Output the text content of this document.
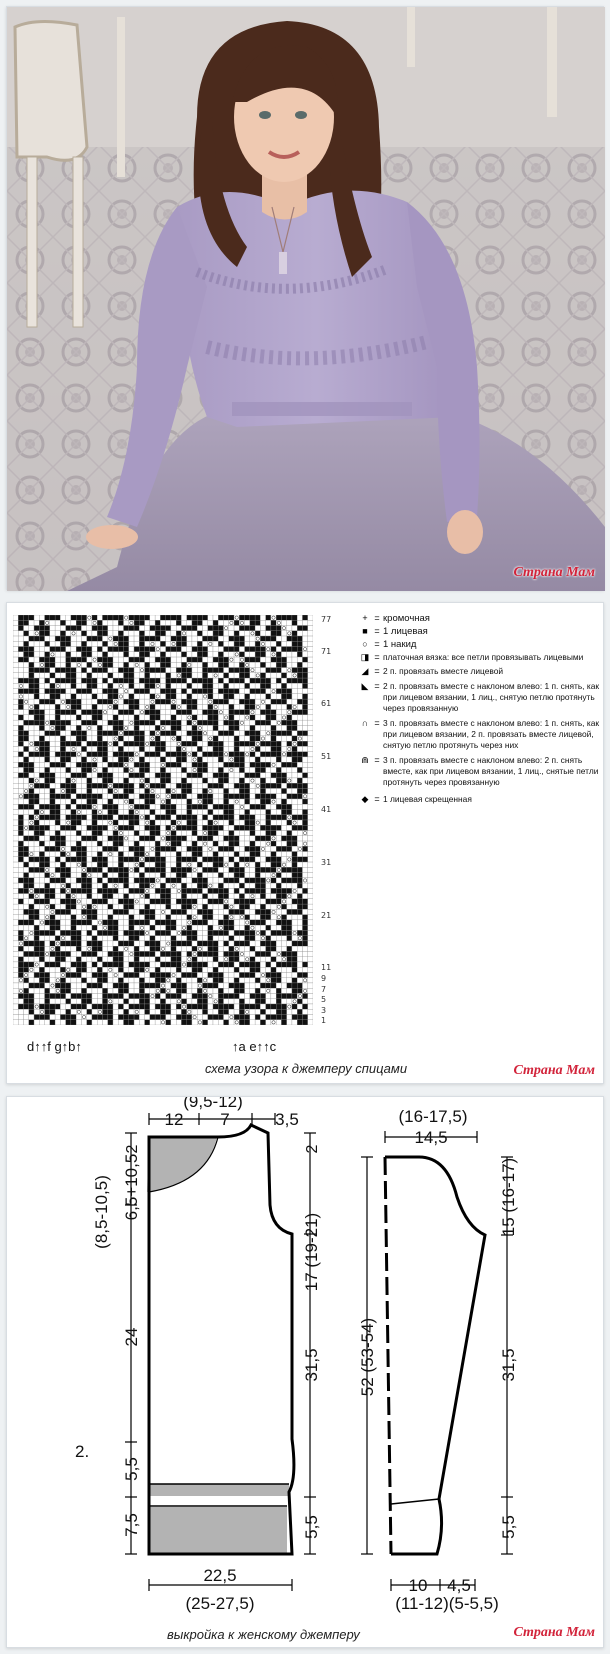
Страна Мам
77
71
61
51
41
31
21
11
9
7
5
3
1
+ = кромочная
■ = 1 лицевая
○ = 1 накид
◨ = платочная вязка: все петли провязывать лицевыми
◢ = 2 п. провязать вместе лицевой
◣ = 2 п. провязать вместе с наклоном влево: 1 п. снять, как при лицевом вязании, 1 лиц., снятую петлю протянуть через провязанную
∩ = 3 п. провязать вместе с наклоном влево: 1 п. снять, как при лицевом вязании, 2 п. провязать вместе лицевой, снятую петлю протянуть через них
⋒ = 3 п. провязать вместе с наклоном влево: 2 п. снять вместе, как при лицевом вязании, 1 лиц., снятые петли протянуть через провязанную
◆ = 1 лицевая скрещенная
d↑↑f g↑b↑	↑a e↑↑c
схема узора к джемперу спицами	Страна Мам
(9,5-12)
12 7	3,5
(8,5-10,5)
2
6,5+10,5
24
5,5
7,5
2.
2
17 (19-21)
31,5
5,5
22,5
(25-27,5)
(16-17,5)
14,5
52 (53-54)
15 (16-17)
31,5
5,5
10 4,5
(11-12)(5-5,5)
выкройка к женскому джемперу	Страна Мам
